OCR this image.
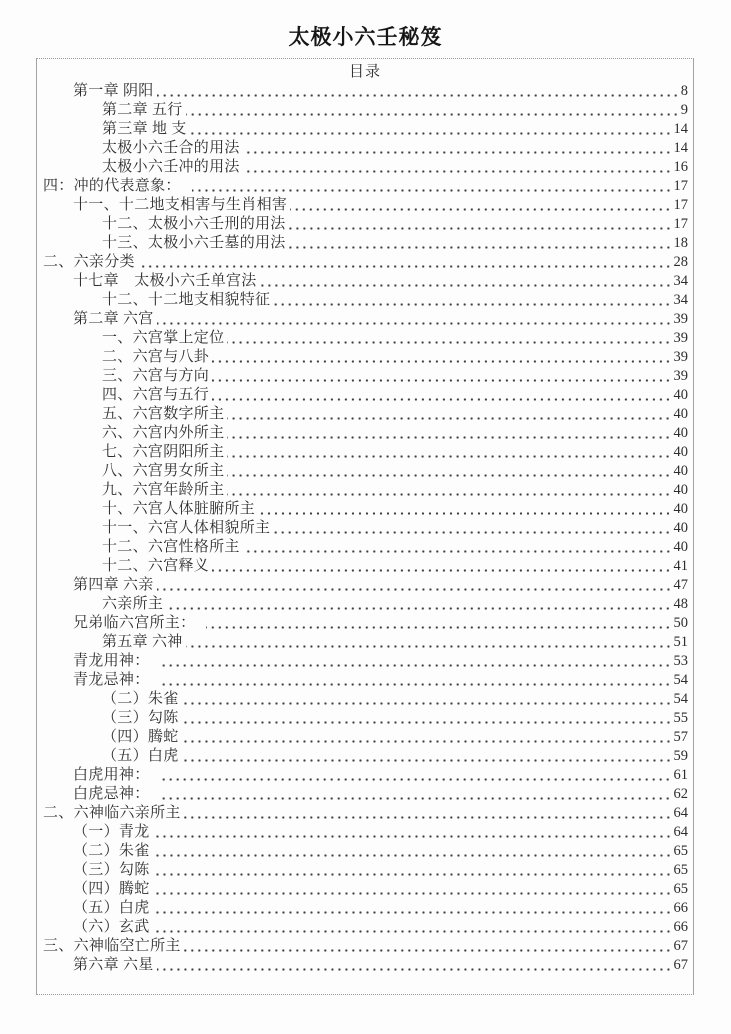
太极小六壬秘笈
目录
第一章 阴阳	8
第二章 五行	9
第三章 地 支	14
太极小六壬合的用法	14
太极小六壬冲的用法	16
四：冲的代表意象：　	17
十一、十二地支相害与生肖相害	17
十二、太极小六壬刑的用法	17
十三、太极小六壬墓的用法	18
二、六亲分类	28
十七章　太极小六壬单宫法	34
十二、十二地支相貌特征	34
第二章 六宫	39
一、六宫掌上定位	39
二、六宫与八卦	39
三、六宫与方向	39
四、六宫与五行	40
五、六宫数字所主	40
六、六宫内外所主	40
七、六宫阴阳所主	40
八、六宫男女所主	40
九、六宫年龄所主	40
十、六宫人体脏腑所主	40
十一、六宫人体相貌所主	40
十二、六宫性格所主	40
十二、六宫释义	41
第四章 六亲	47
六亲所主	48
兄弟临六宫所主：　	50
第五章 六神	51
青龙用神：　	53
青龙忌神：　	54
（二）朱雀	54
（三）勾陈	55
（四）腾蛇	57
（五）白虎	59
白虎用神：　	61
白虎忌神：　	62
二、六神临六亲所主	64
（一）青龙	64
（二）朱雀	65
（三）勾陈	65
（四）腾蛇	65
（五）白虎	66
（六）玄武	66
三、六神临空亡所主	67
第六章 六星	67
